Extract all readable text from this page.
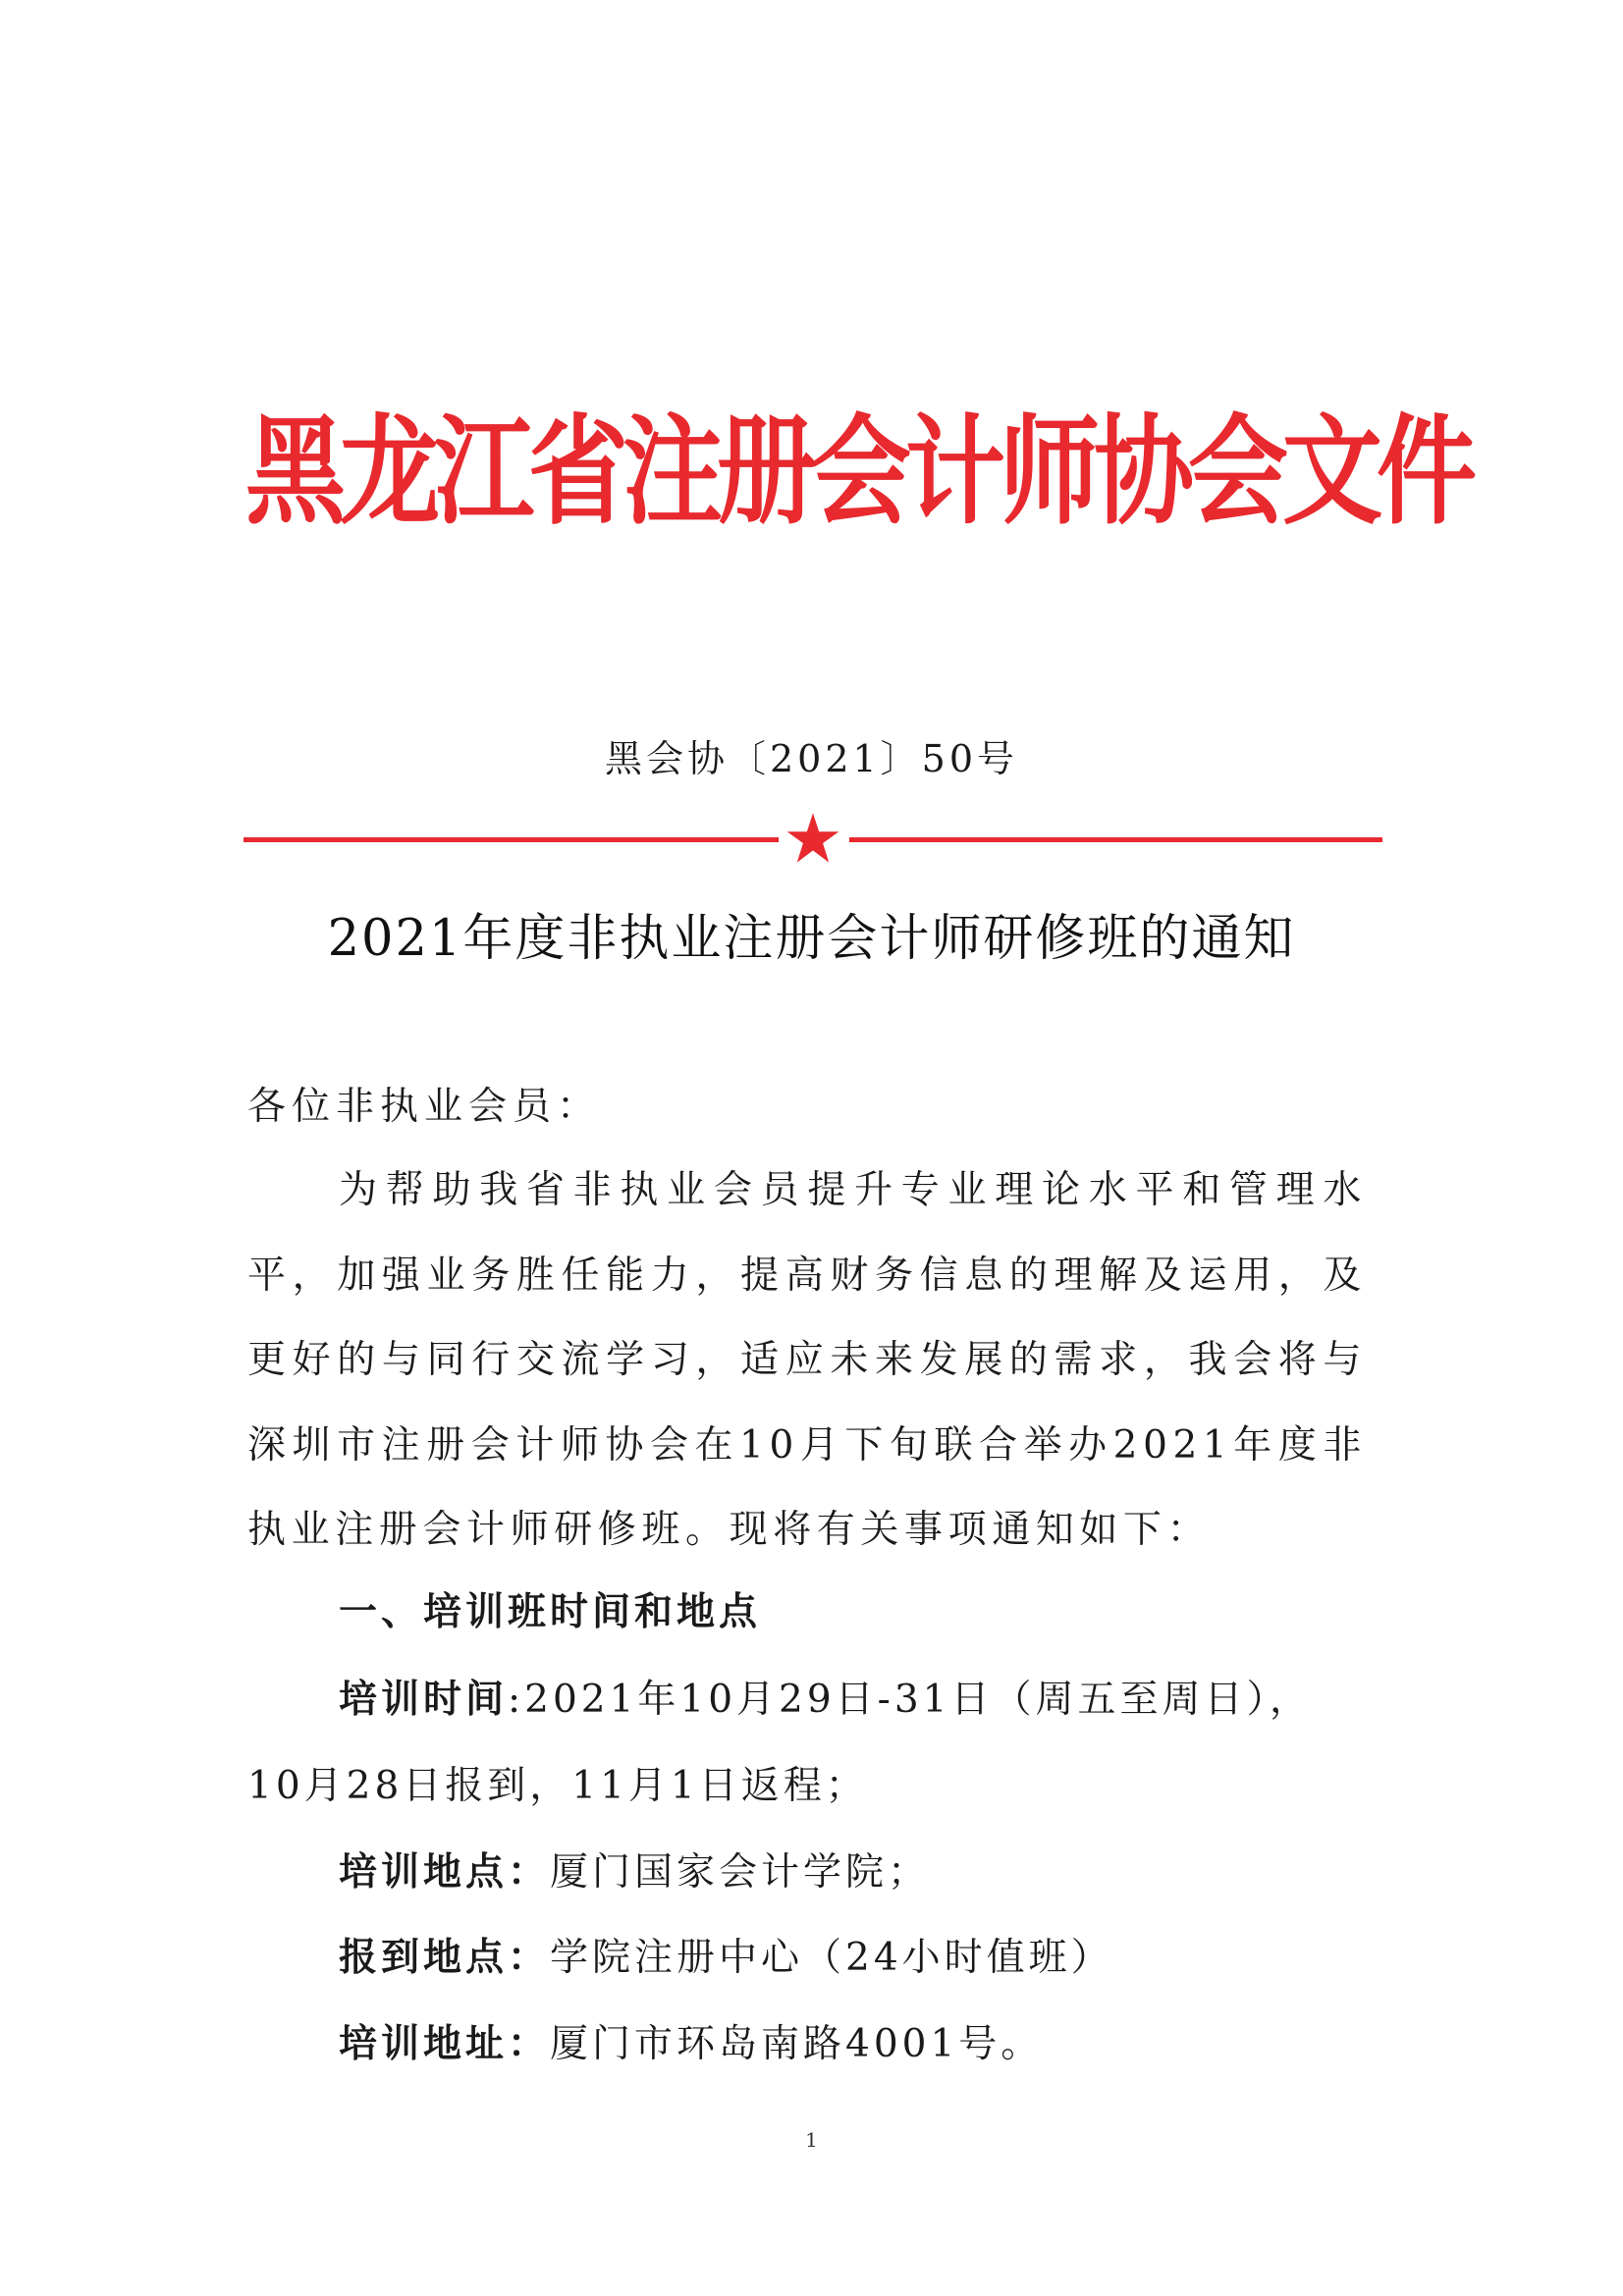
黑龙江省注册会计师协会文件
黑会协〔2021〕50号
2021年度非执业注册会计师研修班的通知
各位非执业会员：
为帮助我省非执业会员提升专业理论水平和管理水平，加强业务胜任能力，提高财务信息的理解及运用，及更好的与同行交流学习，适应未来发展的需求，我会将与深圳市注册会计师协会在10月下旬联合举办2021年度非执业注册会计师研修班。现将有关事项通知如下：
一、培训班时间和地点
培训时间:2021年10月29日-31日（周五至周日），
10月28日报到，11月1日返程；
培训地点：厦门国家会计学院；
报到地点：学院注册中心（24小时值班）
培训地址：厦门市环岛南路4001号。
1
